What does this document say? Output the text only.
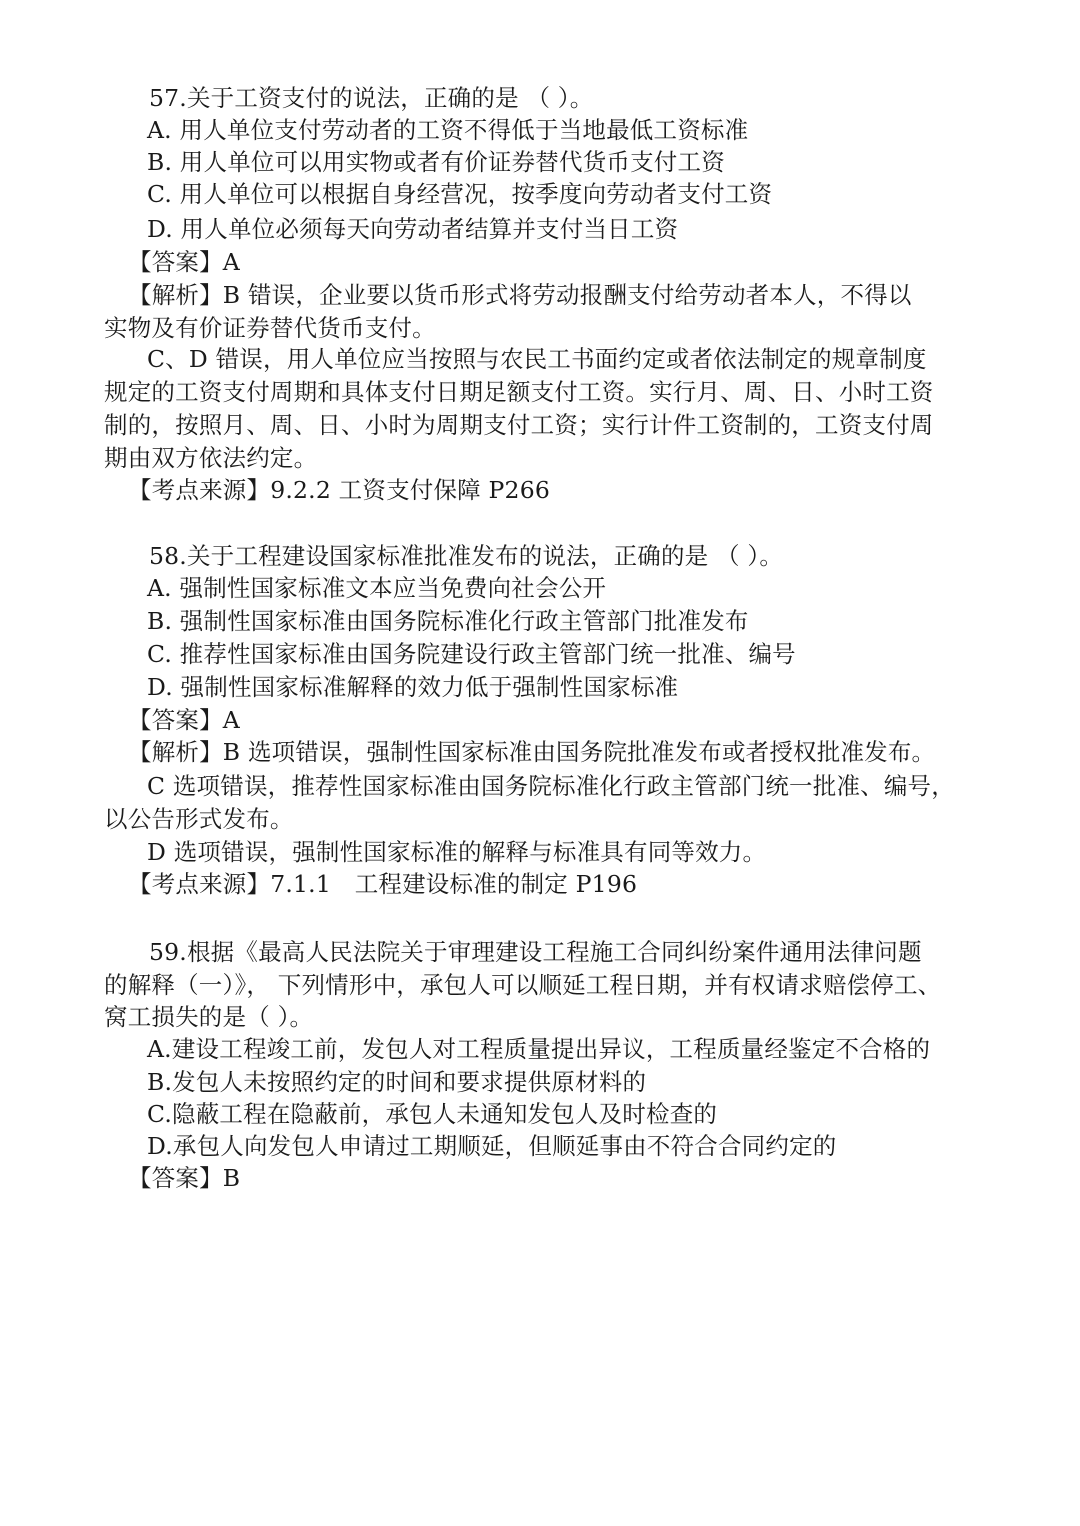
57.关于工资支付的说法，正确的是 （ ）。
A. 用人单位支付劳动者的工资不得低于当地最低工资标准
B. 用人单位可以用实物或者有价证券替代货币支付工资
C. 用人单位可以根据自身经营况，按季度向劳动者支付工资
D. 用人单位必须每天向劳动者结算并支付当日工资
【答案】A
【解析】B 错误，企业要以货币形式将劳动报酬支付给劳动者本人，不得以
实物及有价证券替代货币支付。
C、D 错误，用人单位应当按照与农民工书面约定或者依法制定的规章制度
规定的工资支付周期和具体支付日期足额支付工资。实行月、周、日、小时工资
制的，按照月、周、日、小时为周期支付工资；实行计件工资制的，工资支付周
期由双方依法约定。
【考点来源】9.2.2 工资支付保障 P266
58.关于工程建设国家标准批准发布的说法，正确的是 （ ）。
A. 强制性国家标准文本应当免费向社会公开
B. 强制性国家标准由国务院标准化行政主管部门批准发布
C. 推荐性国家标准由国务院建设行政主管部门统一批准、编号
D. 强制性国家标准解释的效力低于强制性国家标准
【答案】A
【解析】B 选项错误，强制性国家标准由国务院批准发布或者授权批准发布。
C 选项错误，推荐性国家标准由国务院标准化行政主管部门统一批准、编号，
以公告形式发布。
D 选项错误，强制性国家标准的解释与标准具有同等效力。
【考点来源】7.1.1　工程建设标准的制定 P196
59.根据《最高人民法院关于审理建设工程施工合同纠纷案件通用法律问题
的解释（一）》， 下列情形中，承包人可以顺延工程日期，并有权请求赔偿停工、
窝工损失的是（ ）。
A.建设工程竣工前，发包人对工程质量提出异议，工程质量经鉴定不合格的
B.发包人未按照约定的时间和要求提供原材料的
C.隐蔽工程在隐蔽前，承包人未通知发包人及时检查的
D.承包人向发包人申请过工期顺延，但顺延事由不符合合同约定的
【答案】B
